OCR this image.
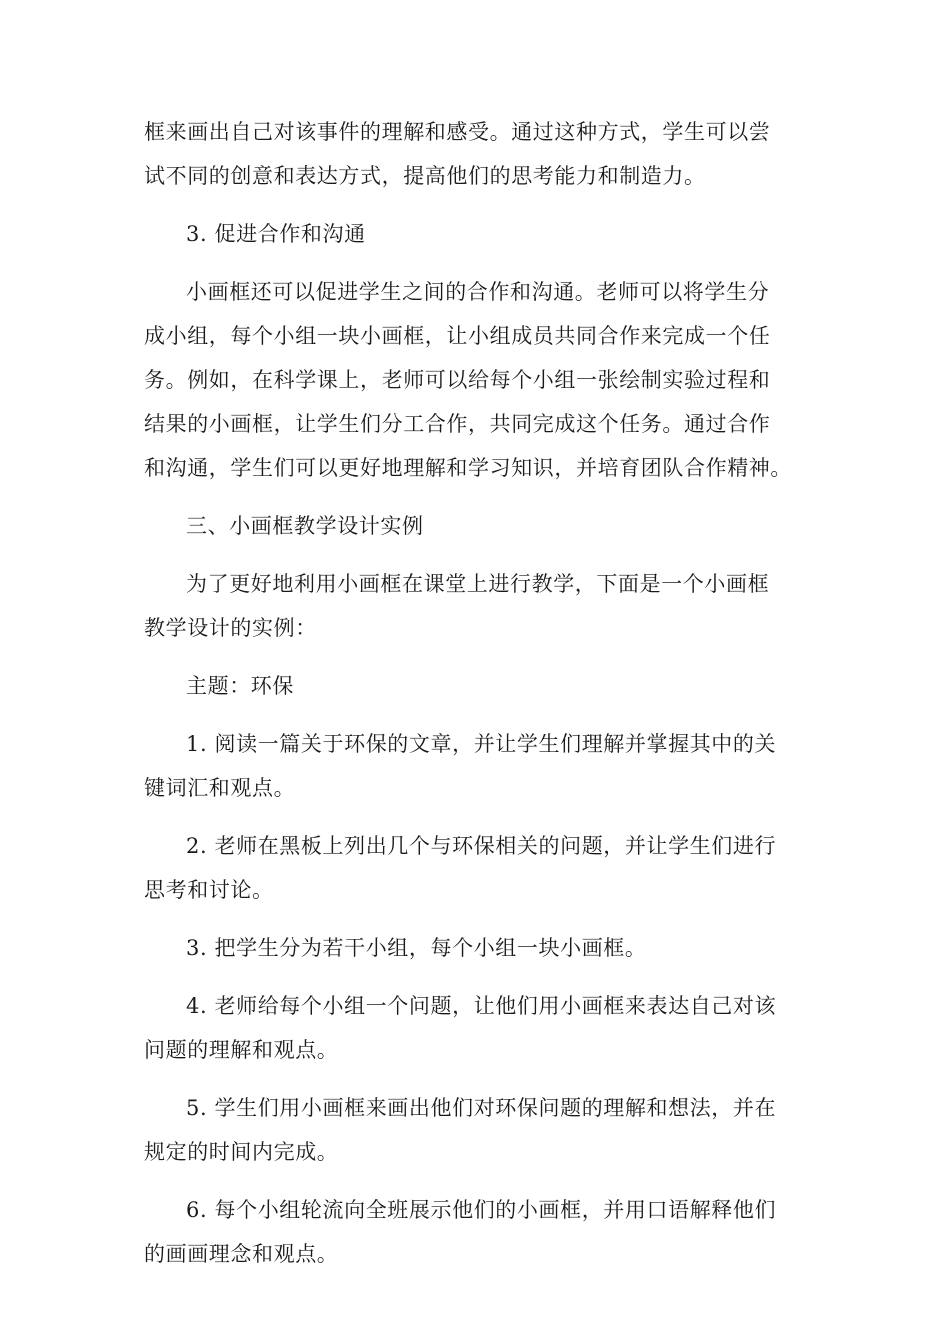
框来画出自己对该事件的理解和感受。通过这种方式，学生可以尝
试不同的创意和表达方式，提高他们的思考能力和制造力。

3. 促进合作和沟通

小画框还可以促进学生之间的合作和沟通。老师可以将学生分
成小组，每个小组一块小画框，让小组成员共同合作来完成一个任
务。例如，在科学课上，老师可以给每个小组一张绘制实验过程和
结果的小画框，让学生们分工合作，共同完成这个任务。通过合作
和沟通，学生们可以更好地理解和学习知识，并培育团队合作精神。

三、小画框教学设计实例

为了更好地利用小画框在课堂上进行教学，下面是一个小画框
教学设计的实例：

主题：环保

1. 阅读一篇关于环保的文章，并让学生们理解并掌握其中的关
键词汇和观点。

2. 老师在黑板上列出几个与环保相关的问题，并让学生们进行
思考和讨论。

3. 把学生分为若干小组，每个小组一块小画框。

4. 老师给每个小组一个问题，让他们用小画框来表达自己对该
问题的理解和观点。

5. 学生们用小画框来画出他们对环保问题的理解和想法，并在
规定的时间内完成。

6. 每个小组轮流向全班展示他们的小画框，并用口语解释他们
的画画理念和观点。
